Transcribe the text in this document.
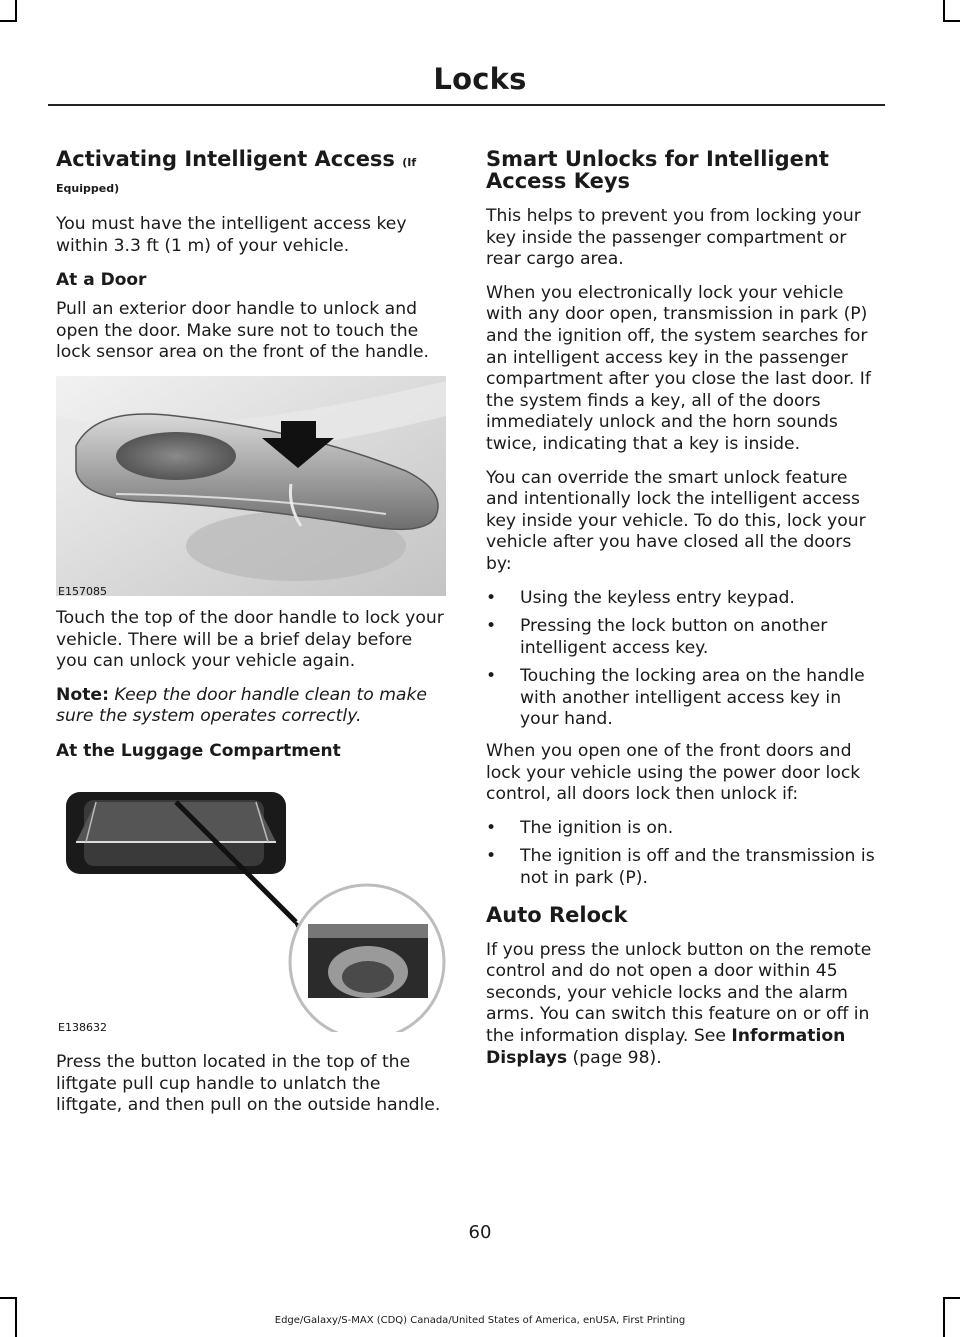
Locks
Activating Intelligent Access (If Equipped)

You must have the intelligent access key within 3.3 ft (1 m) of your vehicle.

At a Door

Pull an exterior door handle to unlock and open the door. Make sure not to touch the lock sensor area on the front of the handle.

E157085

Touch the top of the door handle to lock your vehicle. There will be a brief delay before you can unlock your vehicle again.

Note: Keep the door handle clean to make sure the system operates correctly.

At the Luggage Compartment
E138632

Press the button located in the top of the liftgate pull cup handle to unlatch the liftgate, and then pull on the outside handle.

Smart Unlocks for Intelligent Access Keys

This helps to prevent you from locking your key inside the passenger compartment or rear cargo area.

When you electronically lock your vehicle with any door open, transmission in park (P) and the ignition off, the system searches for an intelligent access key in the passenger compartment after you close the last door. If the system finds a key, all of the doors immediately unlock and the horn sounds twice, indicating that a key is inside.

You can override the smart unlock feature and intentionally lock the intelligent access key inside your vehicle. To do this, lock your vehicle after you have closed all the doors by:

• Using the keyless entry keypad.
• Pressing the lock button on another intelligent access key.
• Touching the locking area on the handle with another intelligent access key in your hand.

When you open one of the front doors and lock your vehicle using the power door lock control, all doors lock then unlock if:

• The ignition is on.
• The ignition is off and the transmission is not in park (P).
Auto Relock

If you press the unlock button on the remote control and do not open a door within 45 seconds, your vehicle locks and the alarm arms. You can switch this feature on or off in the information display. See Information Displays (page 98).

60
Edge/Galaxy/S-MAX (CDQ) Canada/United States of America, enUSA, First Printing
